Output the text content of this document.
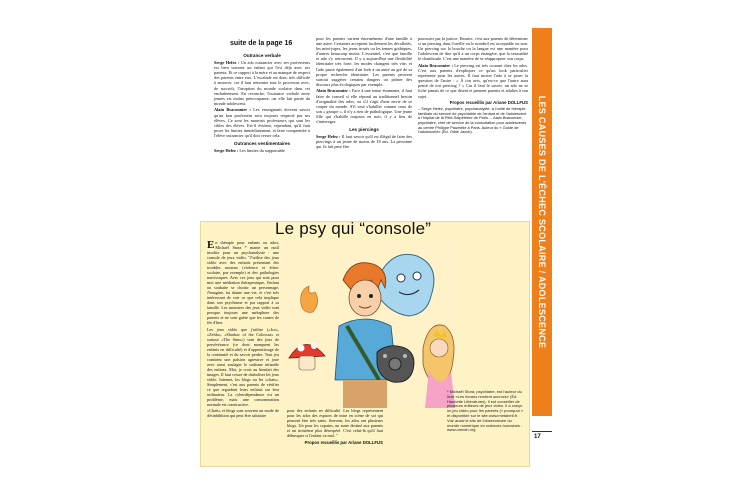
suite de la page 16
Outrance verbale

Serge Hefez : Un ado outrancier avec ses professeurs est bien souvent un enfant qui l'est déjà avec ses parents. Et ce rapport à la mère et au manque de respect des parents entre eux. L'escalade est donc très difficile à amorcer, car il faut remonter tout le processus avec, de surcroît, l'irruption du monde scolaire dans cet enchaînement. En revanche, l'outrance verbale entre jeunes est moins préoccupante, car elle fait partie du monde adolescent.

Alain Braconnier : Les enseignants doivent savoir qu'un bon professeur sera toujours respecté par ses élèves. Ce sont les mauvais professeurs qui sont les cibles des élèves. Est-il évident, cependant, qu'il faut poser les limites immédiatement, et faire comprendre à l'élève outrancier qu'il doit cesser cela.

Outrances vestimentaires

Serge Hefez : Les limites du supportable

pour les parents varient énormément d'une famille à une autre. Certaines acceptent facilement les décolletés, les mini-jupes, les jeans troués ou les tenues gothiques, d'autres beaucoup moins. L'essentiel, c'est que famille et ado s'y retrouvent. Il y a aujourd'hui une flexibilité identitaire très forte, les modes changent très vite, et l'ado passe également d'un look à un autre au gré de sa propre recherche identitaire. Les parents peuvent surtout suggérer certains dangers ou prôner des discours plus écologiques par exemple.

Alain Braconnier : Face à une tenue étonnante, il faut faire de conseil si elle répond au traditionnel besoin d'originalité des ados, ou s'il s'agit d'une envie de se couper du monde. S'il veut s'habiller comme ceux de son « groupe », il n'y a rien de pathologique. Une jeune fille qui s'habille toujours en noir, il y a lieu de s'interroger.

Les piercings

Serge Hefez : Il faut savoir qu'il est illégal de faire des piercings à un jeune de moins de 18 ans. La personne qui l'a fait peut être

poursuivi par la justice. Ensuite, c'est aux parents de déterminer si un piercing dans l'oreille ou le nombril est acceptable ou non. Un piercing sur la bouche ou la langue est une manière pour l'adolescent de dire qu'il a un corps étrangère, que la sensualité le chamboule. C'est une manière de se réapproprier son corps.

Alain Braconnier : Le piercing est très courant chez les ados. C'est aux parents d'expliquer ce qu'un look particulier représente pour les autres. Il faut inciter l'ado à se poser la question de l'autre : « À ton avis, qu'est-ce que l'autre aura pensé de ton piercing ? » Car il faut le savoir, un ado ne se fiche jamais de ce que disent et pensent parents et adultes à son sujet.

Propos recueillis par Ariane DOLLFUS
– Serge Hefez, psychiatre, psychanalyste, à l'unité de thérapie familiale du service de psychiatrie de l'enfant et de l'adolescent à l'hôpital de la Pitié-Salpêtrière de Paris. – Alain Braconnier, psychiatre, chef de service de la consultation pour adolescents au centre Philippe Paumelle à Paris. Auteur du « Guide de l'adolescent» (Éd. Odile Jacob).	LES CAUSES DE L'ÉCHEC SCOLAIRE / ADOLESCENCE
17

En thérapie pour enfants ou ados, Michaël Stora * manie un outil insolite pour un psychanalyste : une console de jeux vidéo. "J'utilise des jeux vidéo avec des enfants présentant des troubles anxieux (violence et échec scolaire, par exemple) et des pathologies narcissiques. Avec ces jeux qui sont pour moi une médiation thérapeutique, l'enfant ou souhaite se choisir un personnage. J'imagine, lui donne une vie, et c'est très intéressant de voir ce que cela implique dans son psychisme et par rapport à sa famille. Les monstres des jeux vidéo sont presque toujours une métaphore des parents et ne sont guère que les contes de fée d'hier.

Les jeux vidéo que j'utilise («Ico», «Zelda», «Shadow of the Colossus» et surtout «The Sims») sont des jeux de persévérance (ce dont manquent les enfants en difficulté) et d'apprentissage de la continuité et du savoir perdre. Tout jeu comtient une palsion agressive et joue avec aussi soulager le sadisme infantile des enfants. Moi, je crois au bienfait des images. Il faut cesser de diaboliser les jeux vidéo. Internet, les blogs ou les «chats». Simplement, c'est aux parents de vérifier ce que regardent leurs enfants sur leur ordinateur. La cyberdépendance est un problème, mais une consommation normale est constructive.

«Chats» et blogs sont souvent un mode de désinhibition qui peut être salutaire

pour des enfants en difficulté. Les blogs représentent pour les ados des espaces de mise en scène de soi qui peuvent être très sains. Souvent, les ados ont plusieurs blogs. Un pour les copains, un autre destiné aux parents et un troisième plus désespéré. C'est celui-là qu'il faut débusquer si l'enfant va mal. "

Propos recueillis par Ariane DOLLFUS
* Michaël Stora, psychiatre, est l'auteur du livre «Les écrans rendent accrocs» (Éd. Hachette Littératures). Il est conseiller de plusieurs éditeurs de jeux vidéo. Il a conçu un jeu vidéo pour les parents (« pourquoi » et disponible sur le site www.metabeil.fr. Voir aussi le site de l'observatoire du monde numérique en sciences humaines : www.omnsh.org
Le psy qui “console”
